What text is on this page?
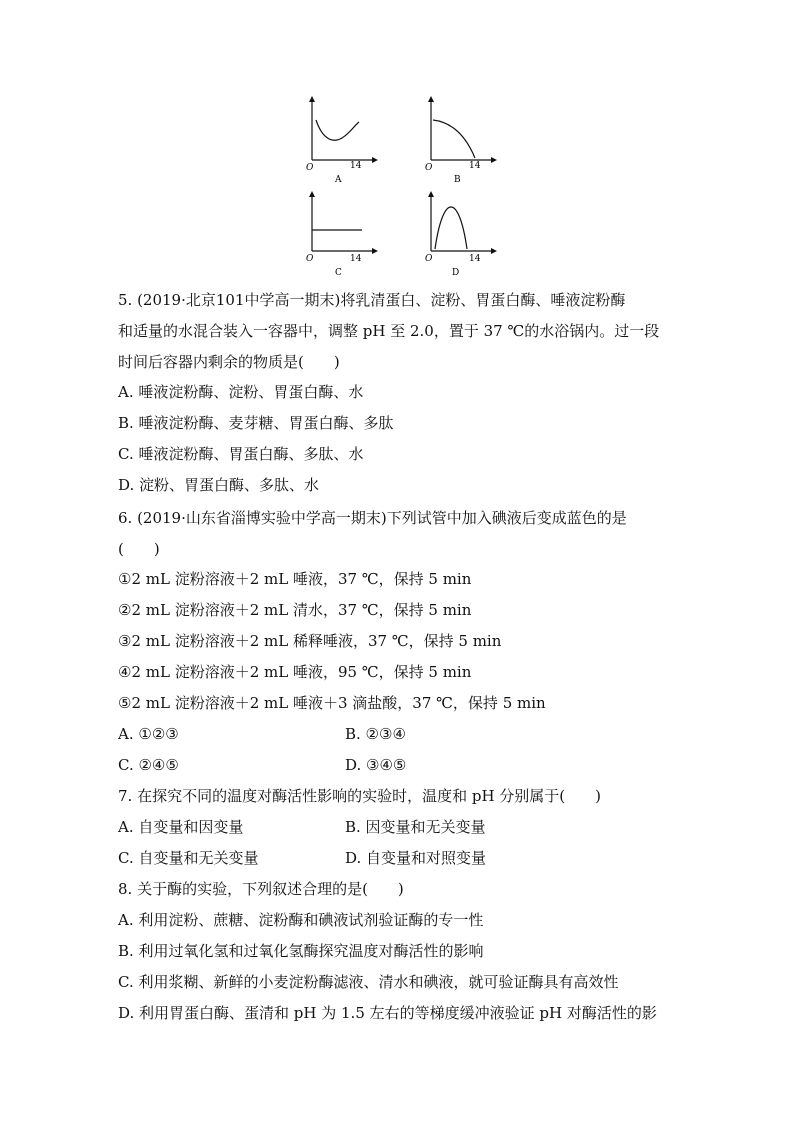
O	14
A
O	14
B
O	14
C
O	14
D
5. (2019·北京101中学高一期末)将乳清蛋白、淀粉、胃蛋白酶、唾液淀粉酶
和适量的水混合装入一容器中，调整 pH 至 2.0，置于 37 ℃的水浴锅内。过一段
时间后容器内剩余的物质是(　　)
A. 唾液淀粉酶、淀粉、胃蛋白酶、水
B. 唾液淀粉酶、麦芽糖、胃蛋白酶、多肽
C. 唾液淀粉酶、胃蛋白酶、多肽、水
D. 淀粉、胃蛋白酶、多肽、水
6. (2019·山东省淄博实验中学高一期末)下列试管中加入碘液后变成蓝色的是
(　　)
①2 mL 淀粉溶液＋2 mL 唾液，37 ℃，保持 5 min
②2 mL 淀粉溶液＋2 mL 清水，37 ℃，保持 5 min
③2 mL 淀粉溶液＋2 mL 稀释唾液，37 ℃，保持 5 min
④2 mL 淀粉溶液＋2 mL 唾液，95 ℃，保持 5 min
⑤2 mL 淀粉溶液＋2 mL 唾液＋3 滴盐酸，37 ℃，保持 5 min
A. ①②③	B. ②③④
C. ②④⑤	D. ③④⑤
7. 在探究不同的温度对酶活性影响的实验时，温度和 pH 分别属于(　　)
A. 自变量和因变量	B. 因变量和无关变量
C. 自变量和无关变量	D. 自变量和对照变量
8. 关于酶的实验，下列叙述合理的是(　　)
A. 利用淀粉、蔗糖、淀粉酶和碘液试剂验证酶的专一性
B. 利用过氧化氢和过氧化氢酶探究温度对酶活性的影响
C. 利用浆糊、新鲜的小麦淀粉酶滤液、清水和碘液，就可验证酶具有高效性
D. 利用胃蛋白酶、蛋清和 pH 为 1.5 左右的等梯度缓冲液验证 pH 对酶活性的影
